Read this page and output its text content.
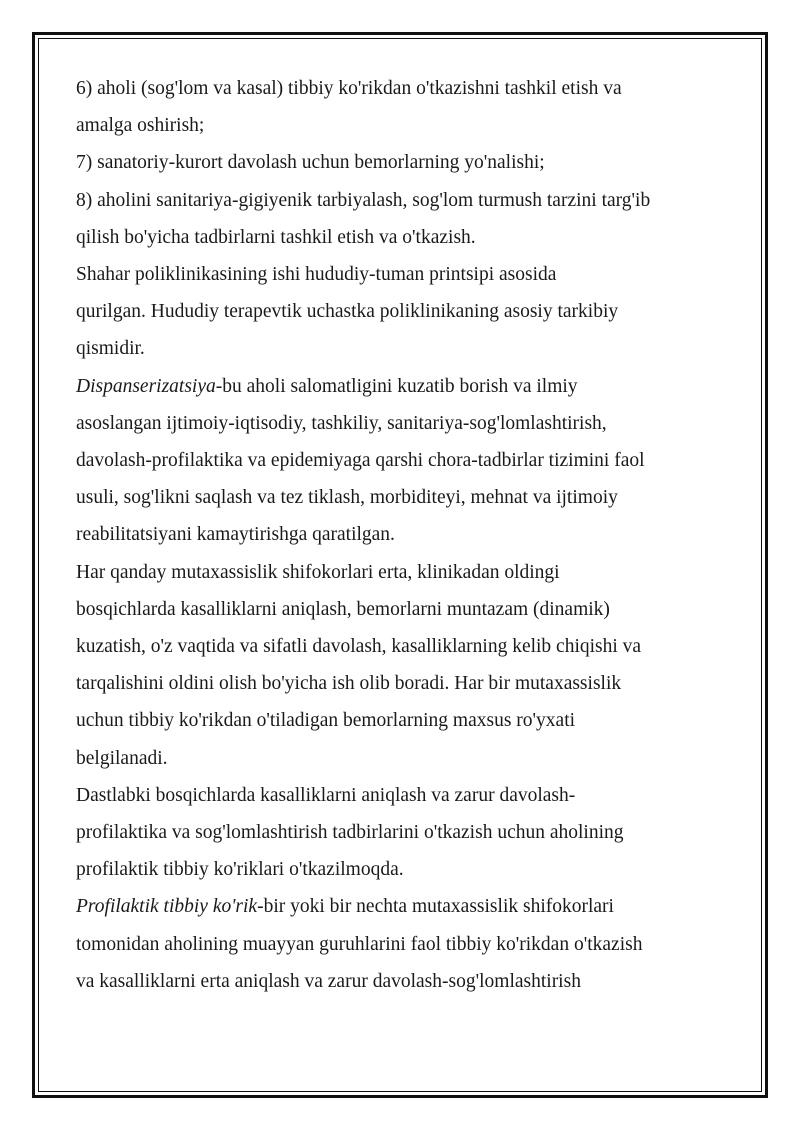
6) aholi (sog'lom va kasal) tibbiy ko'rikdan o'tkazishni tashkil etish va

amalga oshirish;

7) sanatoriy-kurort davolash uchun bemorlarning yo'nalishi;

8) aholini sanitariya-gigiyenik tarbiyalash, sog'lom turmush tarzini targ'ib

qilish bo'yicha tadbirlarni tashkil etish va o'tkazish.

Shahar poliklinikasining ishi hududiy-tuman printsipi asosida

qurilgan. Hududiy terapevtik uchastka poliklinikaning asosiy tarkibiy

qismidir.

Dispanserizatsiya-bu aholi salomatligini kuzatib borish va ilmiy

asoslangan ijtimoiy-iqtisodiy, tashkiliy, sanitariya-sog'lomlashtirish,

davolash-profilaktika va epidemiyaga qarshi chora-tadbirlar tizimini faol

usuli, sog'likni saqlash va tez tiklash, morbiditeyi, mehnat va ijtimoiy

reabilitatsiyani kamaytirishga qaratilgan.

Har qanday mutaxassislik shifokorlari erta, klinikadan oldingi

bosqichlarda kasalliklarni aniqlash, bemorlarni muntazam (dinamik)

kuzatish, o'z vaqtida va sifatli davolash, kasalliklarning kelib chiqishi va

tarqalishini oldini olish bo'yicha ish olib boradi. Har bir mutaxassislik

uchun tibbiy ko'rikdan o'tiladigan bemorlarning maxsus ro'yxati

belgilanadi.

Dastlabki bosqichlarda kasalliklarni aniqlash va zarur davolash-

profilaktika va sog'lomlashtirish tadbirlarini o'tkazish uchun aholining

profilaktik tibbiy ko'riklari o'tkazilmoqda.

Profilaktik tibbiy ko'rik-bir yoki bir nechta mutaxassislik shifokorlari

tomonidan aholining muayyan guruhlarini faol tibbiy ko'rikdan o'tkazish

va kasalliklarni erta aniqlash va zarur davolash-sog'lomlashtirish
